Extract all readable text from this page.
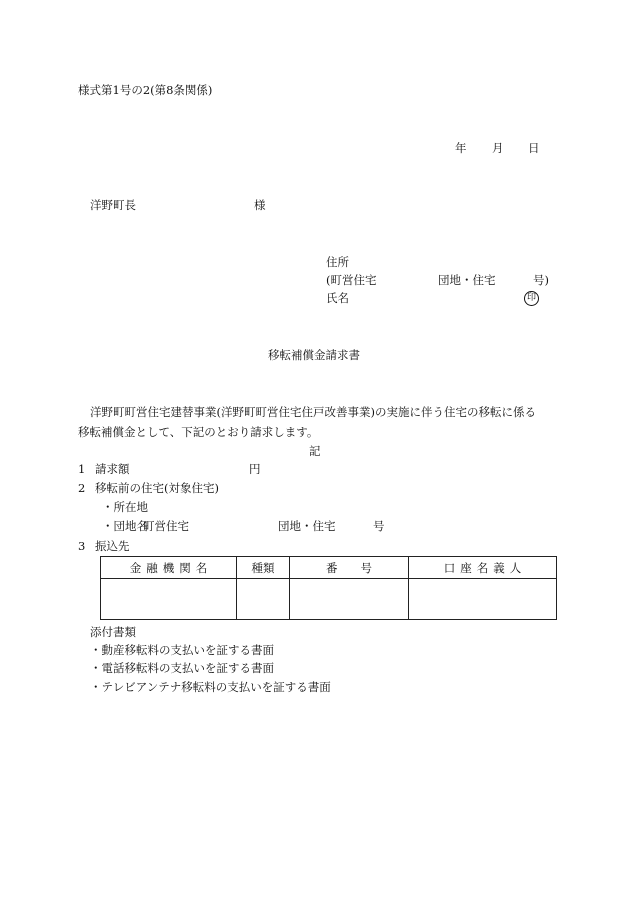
様式第1号の2(第8条関係)
年 月 日
洋野町長	様
住所
(町営住宅	団地・住宅	号)
氏名	印
移転補償金請求書
洋野町町営住宅建替事業(洋野町町営住宅住戸改善事業)の実施に伴う住宅の移転に係る
移転補償金として、下記のとおり請求します。
記
1 請求額	円
2 移転前の住宅(対象住宅)
・所在地
・団地名
町営住宅	団地・住宅	号
3 振込先
金融機関名	種類	番　　号	口座名義人

添付書類
・動産移転料の支払いを証する書面
・電話移転料の支払いを証する書面
・テレビアンテナ移転料の支払いを証する書面
